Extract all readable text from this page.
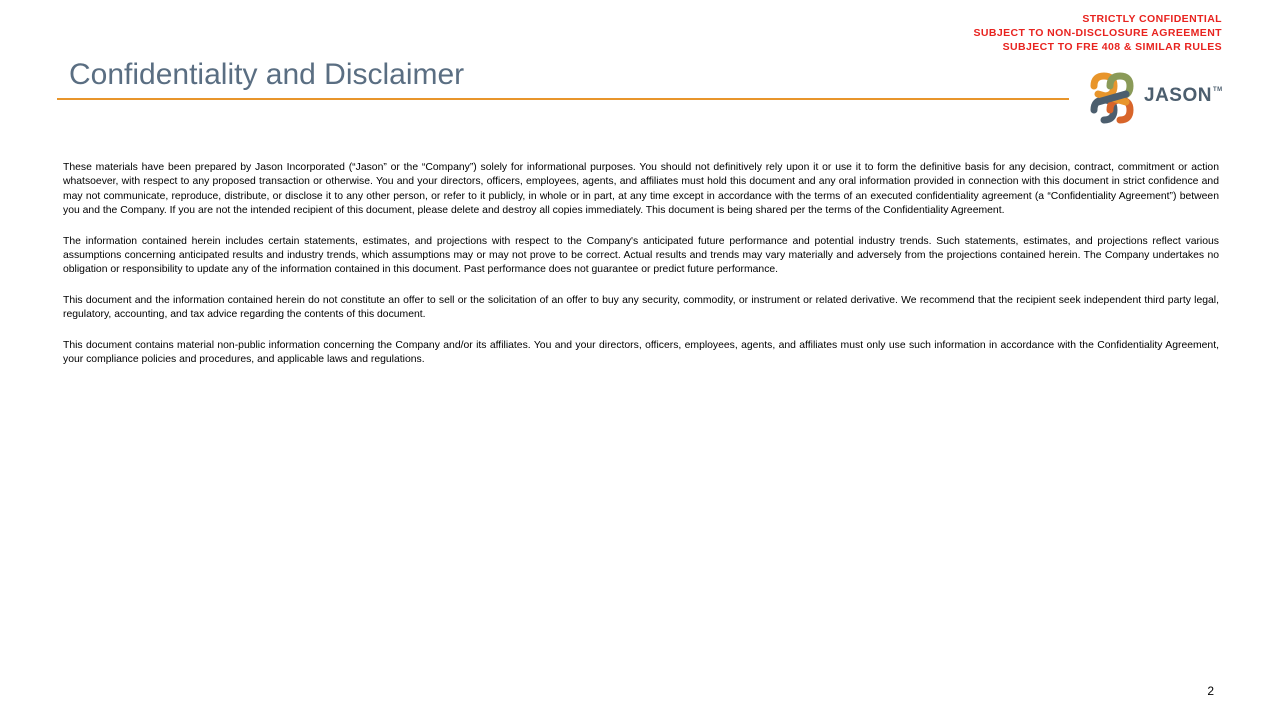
STRICTLY CONFIDENTIAL
SUBJECT TO NON-DISCLOSURE AGREEMENT
SUBJECT TO FRE 408 & SIMILAR RULES
Confidentiality and Disclaimer
JASON™

These materials have been prepared by Jason Incorporated (“Jason” or the “Company”) solely for informational purposes. You should not definitively rely upon it or use it to form the definitive basis for any decision, contract, commitment or action whatsoever, with respect to any proposed transaction or otherwise. You and your directors, officers, employees, agents, and affiliates must hold this document and any oral information provided in connection with this document in strict confidence and may not communicate, reproduce, distribute, or disclose it to any other person, or refer to it publicly, in whole or in part, at any time except in accordance with the terms of an executed confidentiality agreement (a “Confidentiality Agreement”) between you and the Company. If you are not the intended recipient of this document, please delete and destroy all copies immediately. This document is being shared per the terms of the Confidentiality Agreement.

The information contained herein includes certain statements, estimates, and projections with respect to the Company's anticipated future performance and potential industry trends. Such statements, estimates, and projections reflect various assumptions concerning anticipated results and industry trends, which assumptions may or may not prove to be correct. Actual results and trends may vary materially and adversely from the projections contained herein. The Company undertakes no obligation or responsibility to update any of the information contained in this document. Past performance does not guarantee or predict future performance.

This document and the information contained herein do not constitute an offer to sell or the solicitation of an offer to buy any security, commodity, or instrument or related derivative. We recommend that the recipient seek independent third party legal, regulatory, accounting, and tax advice regarding the contents of this document.

This document contains material non-public information concerning the Company and/or its affiliates. You and your directors, officers, employees, agents, and affiliates must only use such information in accordance with the Confidentiality Agreement, your compliance policies and procedures, and applicable laws and regulations.

2
